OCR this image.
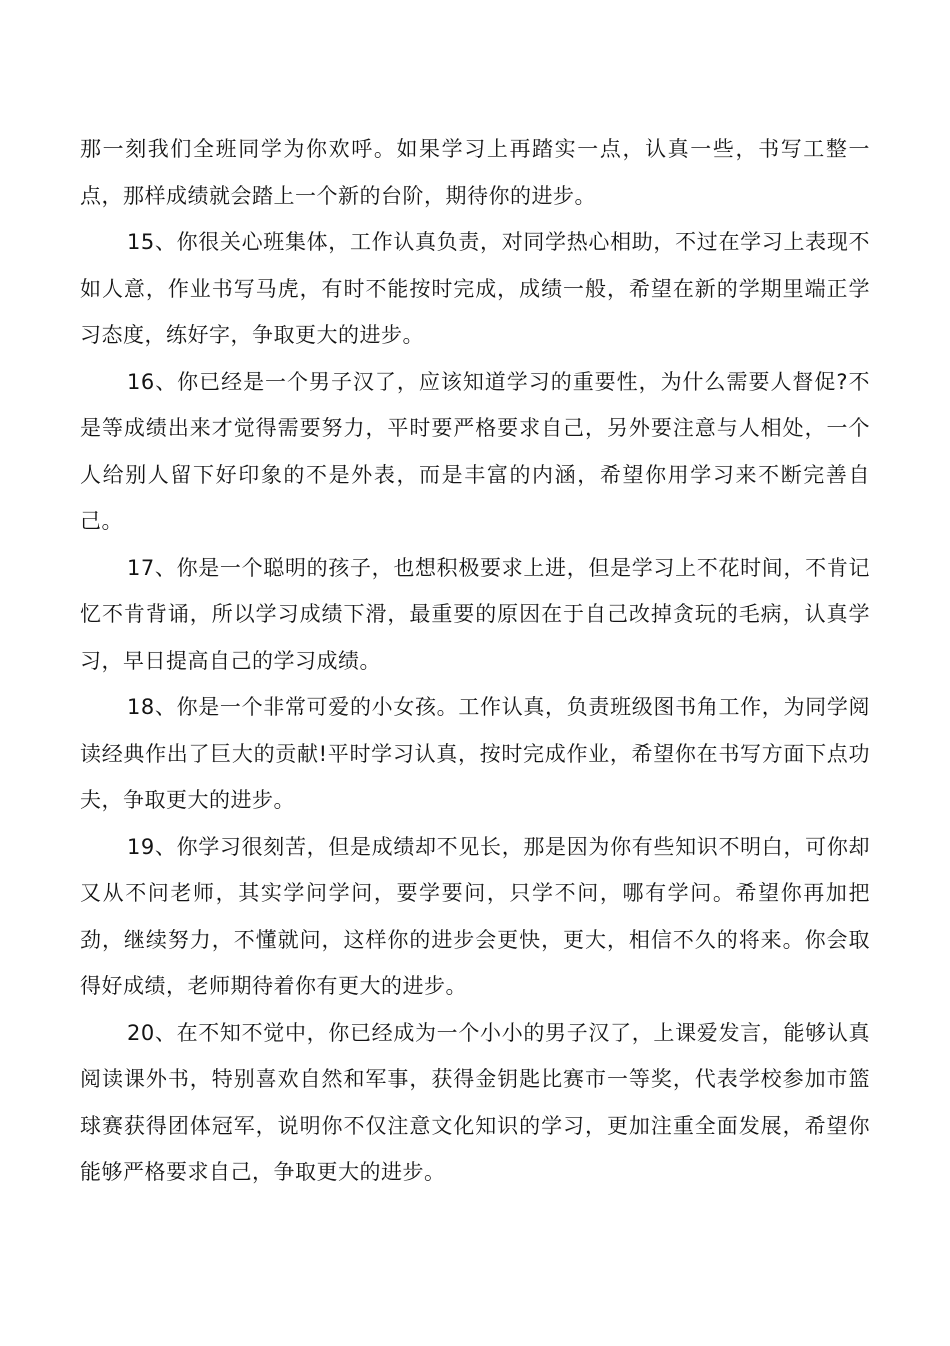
那一刻我们全班同学为你欢呼。如果学习上再踏实一点，认真一些，书写工整一点，那样成绩就会踏上一个新的台阶，期待你的进步。

15、你很关心班集体，工作认真负责，对同学热心相助，不过在学习上表现不如人意，作业书写马虎，有时不能按时完成，成绩一般，希望在新的学期里端正学习态度，练好字，争取更大的进步。

16、你已经是一个男子汉了，应该知道学习的重要性，为什么需要人督促?不是等成绩出来才觉得需要努力，平时要严格要求自己，另外要注意与人相处，一个人给别人留下好印象的不是外表，而是丰富的内涵，希望你用学习来不断完善自己。

17、你是一个聪明的孩子，也想积极要求上进，但是学习上不花时间，不肯记忆不肯背诵，所以学习成绩下滑，最重要的原因在于自己改掉贪玩的毛病，认真学习，早日提高自己的学习成绩。

18、你是一个非常可爱的小女孩。工作认真，负责班级图书角工作，为同学阅读经典作出了巨大的贡献!平时学习认真，按时完成作业，希望你在书写方面下点功夫，争取更大的进步。

19、你学习很刻苦，但是成绩却不见长，那是因为你有些知识不明白，可你却又从不问老师，其实学问学问，要学要问，只学不问，哪有学问。希望你再加把劲，继续努力，不懂就问，这样你的进步会更快，更大，相信不久的将来。你会取得好成绩，老师期待着你有更大的进步。

20、在不知不觉中，你已经成为一个小小的男子汉了，上课爱发言，能够认真阅读课外书，特别喜欢自然和军事，获得金钥匙比赛市一等奖，代表学校参加市篮球赛获得团体冠军，说明你不仅注意文化知识的学习，更加注重全面发展，希望你能够严格要求自己，争取更大的进步。
